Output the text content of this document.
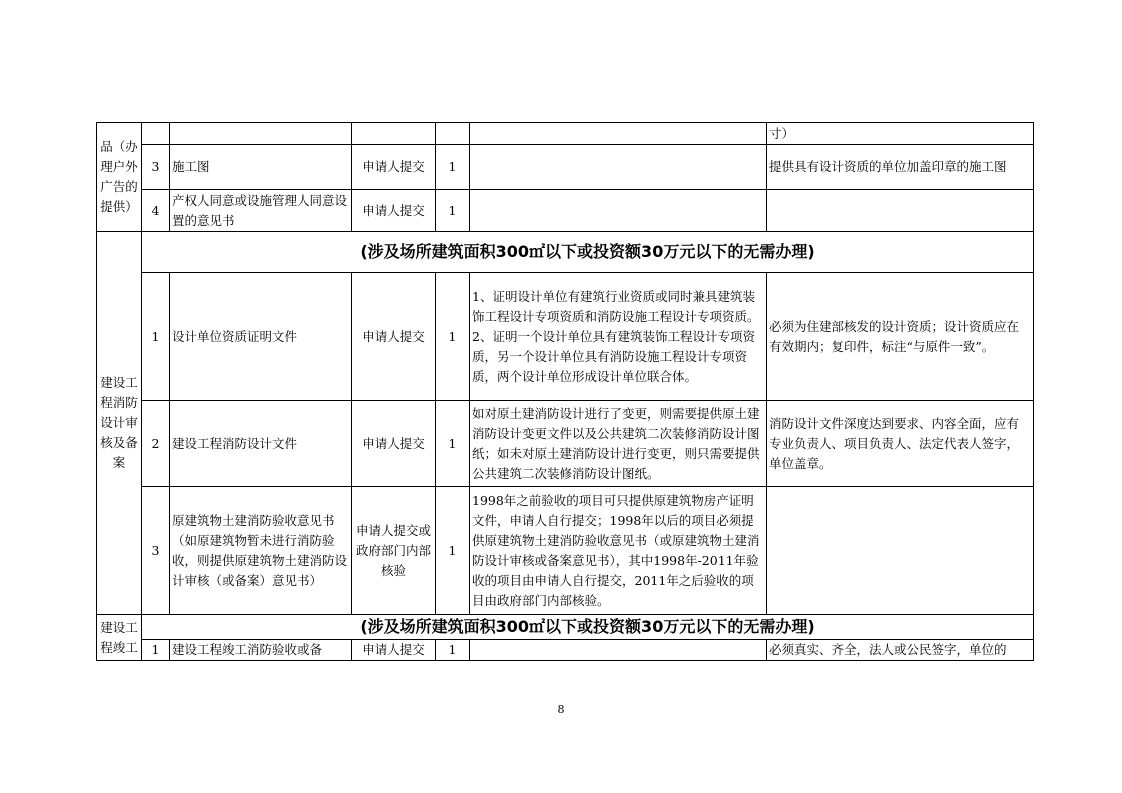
品（办理户外广告的提供）						寸）
	3	施工图	申请人提交	1		提供具有设计资质的单位加盖印章的施工图
	4	产权人同意或设施管理人同意设置的意见书	申请人提交	1		
建设工程消防设计审核及备案	(涉及场所建筑面积300㎡以下或投资额30万元以下的无需办理)					
	1	设计单位资质证明文件	申请人提交	1	1、证明设计单位有建筑行业资质或同时兼具建筑装饰工程设计专项资质和消防设施工程设计专项资质。2、证明一个设计单位具有建筑装饰工程设计专项资质，另一个设计单位具有消防设施工程设计专项资质，两个设计单位形成设计单位联合体。	必须为住建部核发的设计资质；设计资质应在有效期内；复印件，标注“与原件一致”。
	2	建设工程消防设计文件	申请人提交	1	如对原土建消防设计进行了变更，则需要提供原土建消防设计变更文件以及公共建筑二次装修消防设计图纸；如未对原土建消防设计进行变更，则只需要提供公共建筑二次装修消防设计图纸。	消防设计文件深度达到要求、内容全面，应有专业负责人、项目负责人、法定代表人签字，单位盖章。
	3	原建筑物土建消防验收意见书（如原建筑物暂未进行消防验收，则提供原建筑物土建消防设计审核（或备案）意见书）	申请人提交或政府部门内部核验	1	1998年之前验收的项目可只提供原建筑物房产证明文件，申请人自行提交；1998年以后的项目必须提供原建筑物土建消防验收意见书（或原建筑物土建消防设计审核或备案意见书），其中1998年-2011年验收的项目由申请人自行提交，2011年之后验收的项目由政府部门内部核验。	
建设工程竣工	(涉及场所建筑面积300㎡以下或投资额30万元以下的无需办理)					
	1	建设工程竣工消防验收或备	申请人提交	1		必须真实、齐全，法人或公民签字，单位的
8
